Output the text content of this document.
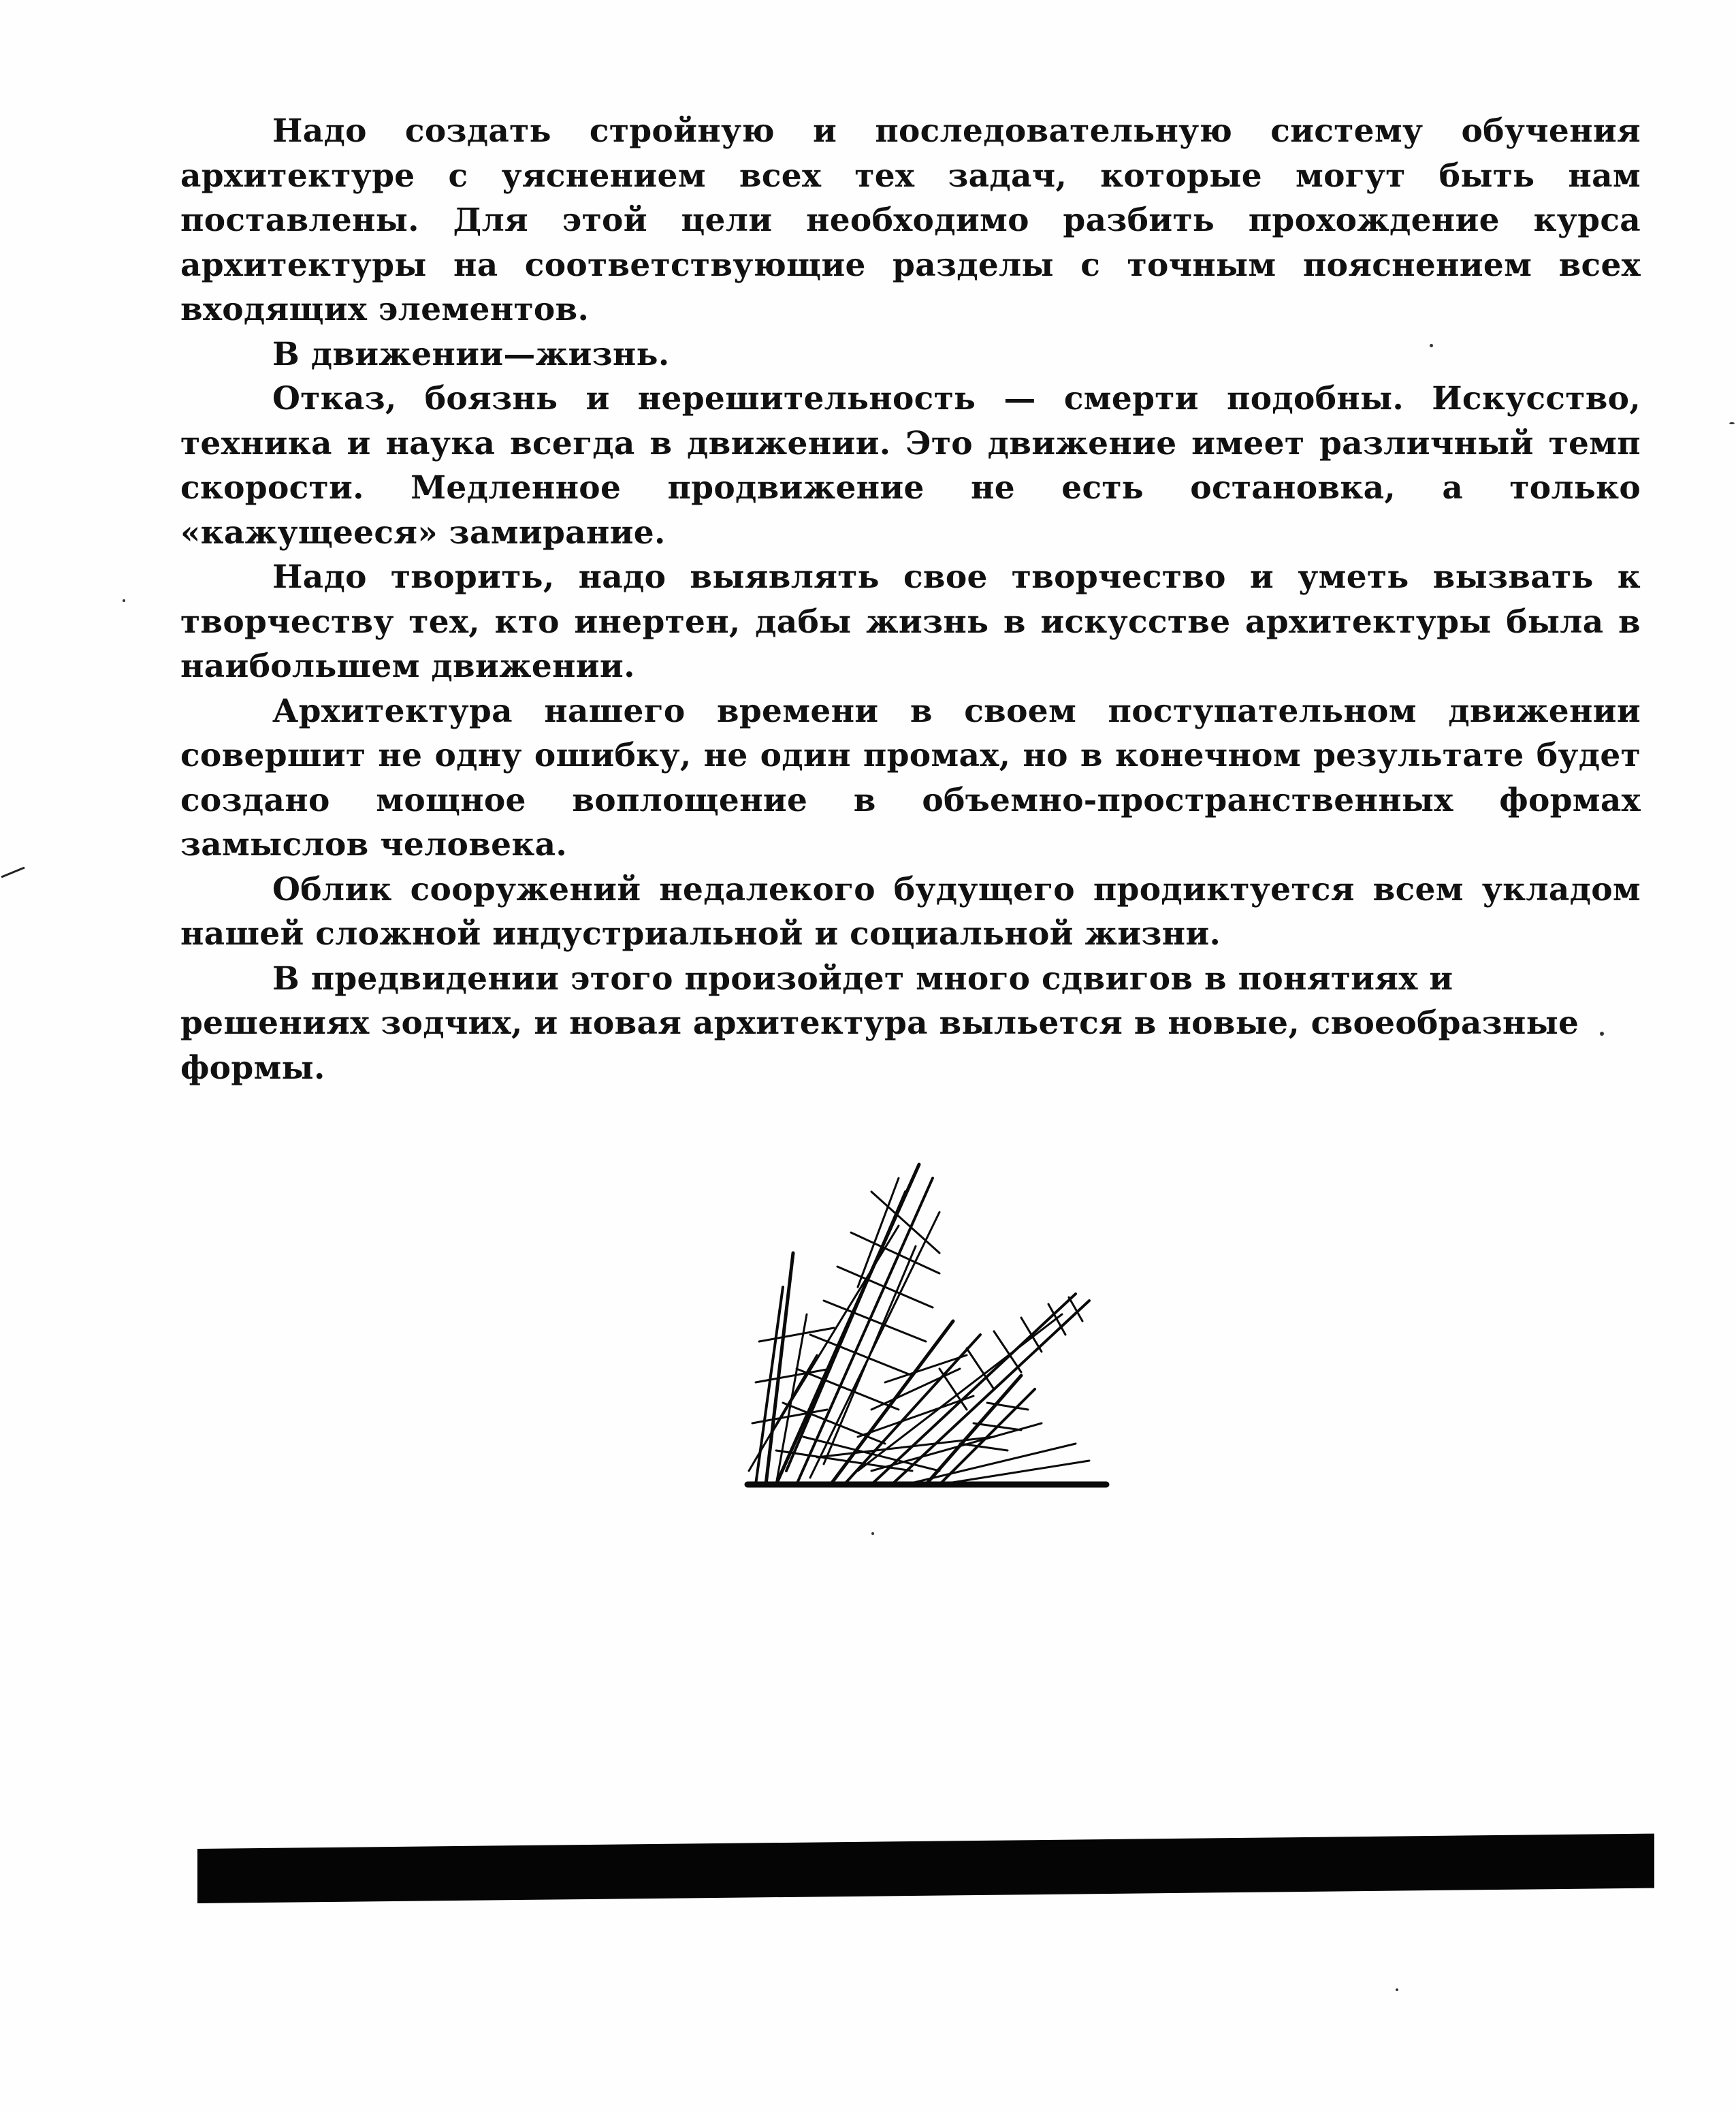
Надо создать стройную и последовательную систему обучения архитектуре с уяснением всех тех задач, которые могут быть нам поставлены. Для этой цели необходимо разбить прохождение курса архитектуры на соответствующие разделы с точным пояснением всех входящих элементов.

В движении—жизнь.

Отказ, боязнь и нерешительность — смерти подобны. Искусство, техника и наука всегда в движении. Это движение имеет различный темп скорости. Медленное продвижение не есть остановка, а только «кажущееся» замирание.

Надо творить, надо выявлять свое творчество и уметь вызвать к творчеству тех, кто инертен, дабы жизнь в искусстве архитектуры была в наибольшем движении.

Архитектура нашего времени в своем поступательном движении совершит не одну ошибку, не один промах, но в конечном результате будет создано мощное воплощение в объемно-пространственных формах замыслов человека.

Облик сооружений недалекого будущего продиктуется всем укладом нашей сложной индустриальной и социальной жизни.

В предвидении этого произойдет много сдвигов в понятиях и решениях зодчих, и новая архитектура выльется в новые, своеобразные формы.
